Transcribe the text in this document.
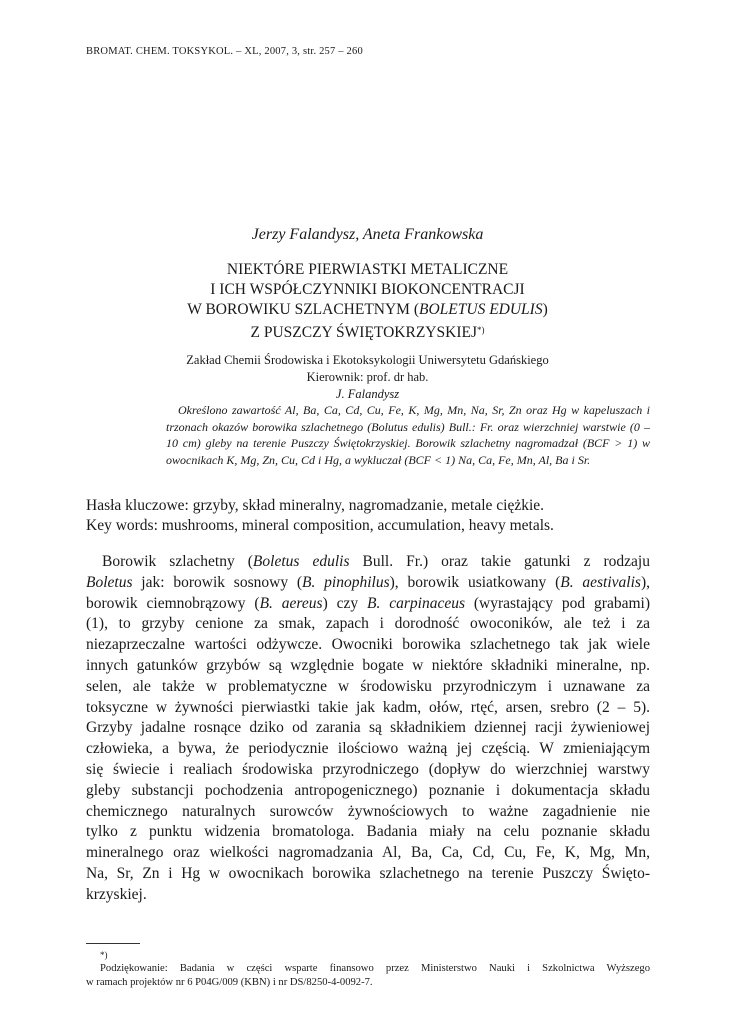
BROMAT. CHEM. TOKSYKOL. – XL, 2007, 3, str. 257 – 260
Jerzy Falandysz, Aneta Frankowska
NIEKTÓRE PIERWIASTKI METALICZNE
I ICH WSPÓŁCZYNNIKI BIOKONCENTRACJI
W BOROWIKU SZLACHETNYM (BOLETUS EDULIS)
Z PUSZCZY ŚWIĘTOKRZYSKIEJ*)
Zakład Chemii Środowiska i Ekotoksykologii Uniwersytetu Gdańskiego
Kierownik: prof. dr hab.
J. Falandysz
Określono zawartość Al, Ba, Ca, Cd, Cu, Fe, K, Mg, Mn, Na, Sr, Zn oraz Hg w kapeluszach i trzonach okazów borowika szlachetnego (Bolutus edulis) Bull.: Fr. oraz wierzchniej warstwie (0 – 10 cm) gleby na terenie Puszczy Świętokrzyskiej. Borowik szlachetny nagromadzał (BCF > 1) w owocnikach K, Mg, Zn, Cu, Cd i Hg, a wykluczał (BCF < 1) Na, Ca, Fe, Mn, Al, Ba i Sr.
Hasła kluczowe: grzyby, skład mineralny, nagromadzanie, metale ciężkie.
Key words: mushrooms, mineral composition, accumulation, heavy metals.
Borowik szlachetny (Boletus edulis Bull. Fr.) oraz takie gatunki z rodzaju
Boletus jak: borowik sosnowy (B. pinophilus), borowik usiatkowany (B. aestivalis),
borowik ciemnobrązowy (B. aereus) czy B. carpinaceus (wyrastający pod grabami)
(1), to grzyby cenione za smak, zapach i dorodność owoconików, ale też i za
niezaprzeczalne wartości odżywcze. Owocniki borowika szlachetnego tak jak wiele
innych gatunków grzybów są względnie bogate w niektóre składniki mineralne, np.
selen, ale także w problematyczne w środowisku przyrodniczym i uznawane za
toksyczne w żywności pierwiastki takie jak kadm, ołów, rtęć, arsen, srebro (2 – 5).
Grzyby jadalne rosnące dziko od zarania są składnikiem dziennej racji żywieniowej
człowieka, a bywa, że periodycznie ilościowo ważną jej częścią. W zmieniającym
się świecie i realiach środowiska przyrodniczego (dopływ do wierzchniej warstwy
gleby substancji pochodzenia antropogenicznego) poznanie i dokumentacja składu
chemicznego naturalnych surowców żywnościowych to ważne zagadnienie nie
tylko z punktu widzenia bromatologa. Badania miały na celu poznanie składu
mineralnego oraz wielkości nagromadzania Al, Ba, Ca, Cd, Cu, Fe, K, Mg, Mn,
Na, Sr, Zn i Hg w owocnikach borowika szlachetnego na terenie Puszczy Święto-
krzyskiej.
*)
Podziękowanie: Badania w części wsparte finansowo przez Ministerstwo Nauki i Szkolnictwa Wyższego
w ramach projektów nr 6 P04G/009 (KBN) i nr DS/8250-4-0092-7.
